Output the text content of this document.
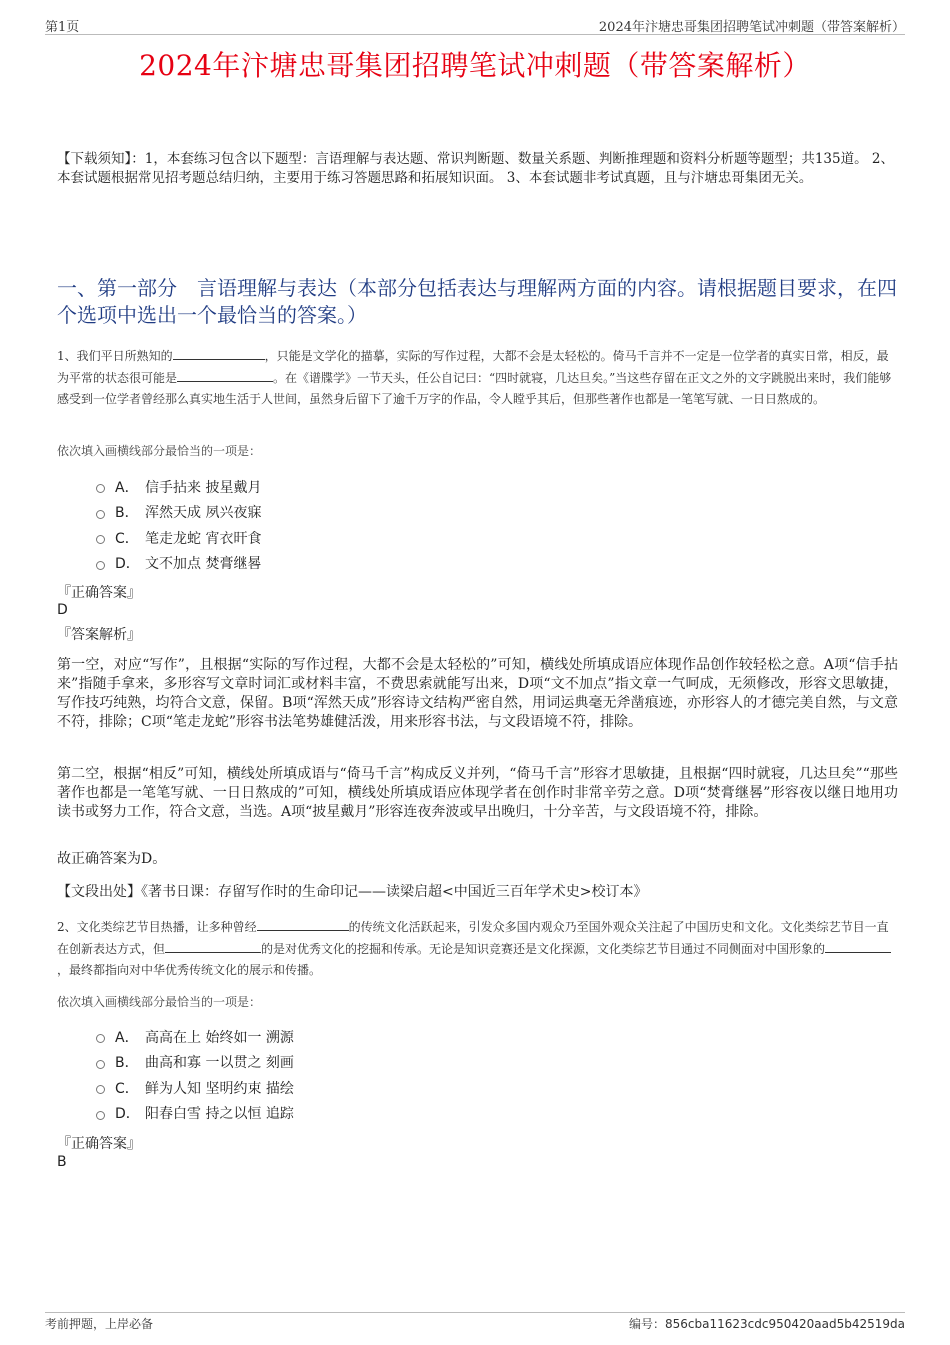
第1页	2024年汴塘忠哥集团招聘笔试冲刺题（带答案解析）
2024年汴塘忠哥集团招聘笔试冲刺题（带答案解析）
【下载须知】：1，本套练习包含以下题型：言语理解与表达题、常识判断题、数量关系题、判断推理题和资料分析题等题型；共135道。 2、本套试题根据常见招考题总结归纳，主要用于练习答题思路和拓展知识面。 3、本套试题非考试真题，且与汴塘忠哥集团无关。
一、第一部分　言语理解与表达（本部分包括表达与理解两方面的内容。请根据题目要求，在四个选项中选出一个最恰当的答案。）
1、我们平日所熟知的	，只能是文学化的描摹，实际的写作过程，大都不会是太轻松的。倚马千言并不一定是一位学者的真实日常，相反，最为平常的状态很可能是	。在《谱牒学》一节天头，任公自记曰：“四时就寝，几达旦矣。”当这些存留在正文之外的文字跳脱出来时，我们能够感受到一位学者曾经那么真实地生活于人世间，虽然身后留下了逾千万字的作品，令人瞠乎其后，但那些著作也都是一笔笔写就、一日日熬成的。
依次填入画横线部分最恰当的一项是：
A． 信手拈来 披星戴月
B． 浑然天成 夙兴夜寐
C． 笔走龙蛇 宵衣旰食
D． 文不加点 焚膏继晷
『正确答案』
D
『答案解析』
第一空，对应“写作”，且根据“实际的写作过程，大都不会是太轻松的”可知，横线处所填成语应体现作品创作较轻松之意。A项“信手拈来”指随手拿来，多形容写文章时词汇或材料丰富，不费思索就能写出来，D项“文不加点”指文章一气呵成，无须修改，形容文思敏捷，写作技巧纯熟，均符合文意，保留。B项“浑然天成”形容诗文结构严密自然，用词运典毫无斧凿痕迹，亦形容人的才德完美自然，与文意不符，排除；C项“笔走龙蛇”形容书法笔势雄健活泼，用来形容书法，与文段语境不符，排除。
第二空，根据“相反”可知，横线处所填成语与“倚马千言”构成反义并列，“倚马千言”形容才思敏捷，且根据“四时就寝，几达旦矣”“那些著作也都是一笔笔写就、一日日熬成的”可知，横线处所填成语应体现学者在创作时非常辛劳之意。D项“焚膏继晷”形容夜以继日地用功读书或努力工作，符合文意，当选。A项“披星戴月”形容连夜奔波或早出晚归，十分辛苦，与文段语境不符，排除。
故正确答案为D。
【文段出处】《著书日课：存留写作时的生命印记——读梁启超<中国近三百年学术史>校订本》
2、文化类综艺节目热播，让多种曾经	的传统文化活跃起来，引发众多国内观众乃至国外观众关注起了中国历史和文化。文化类综艺节目一直在创新表达方式，但	的是对优秀文化的挖掘和传承。无论是知识竞赛还是文化探源，文化类综艺节目通过不同侧面对中国形象的，最终都指向对中华优秀传统文化的展示和传播。
依次填入画横线部分最恰当的一项是：
A． 高高在上 始终如一 溯源
B． 曲高和寡 一以贯之 刻画
C． 鲜为人知 坚明约束 描绘
D． 阳春白雪 持之以恒 追踪
『正确答案』
B
考前押题，上岸必备	编号：856cba11623cdc950420aad5b42519da
